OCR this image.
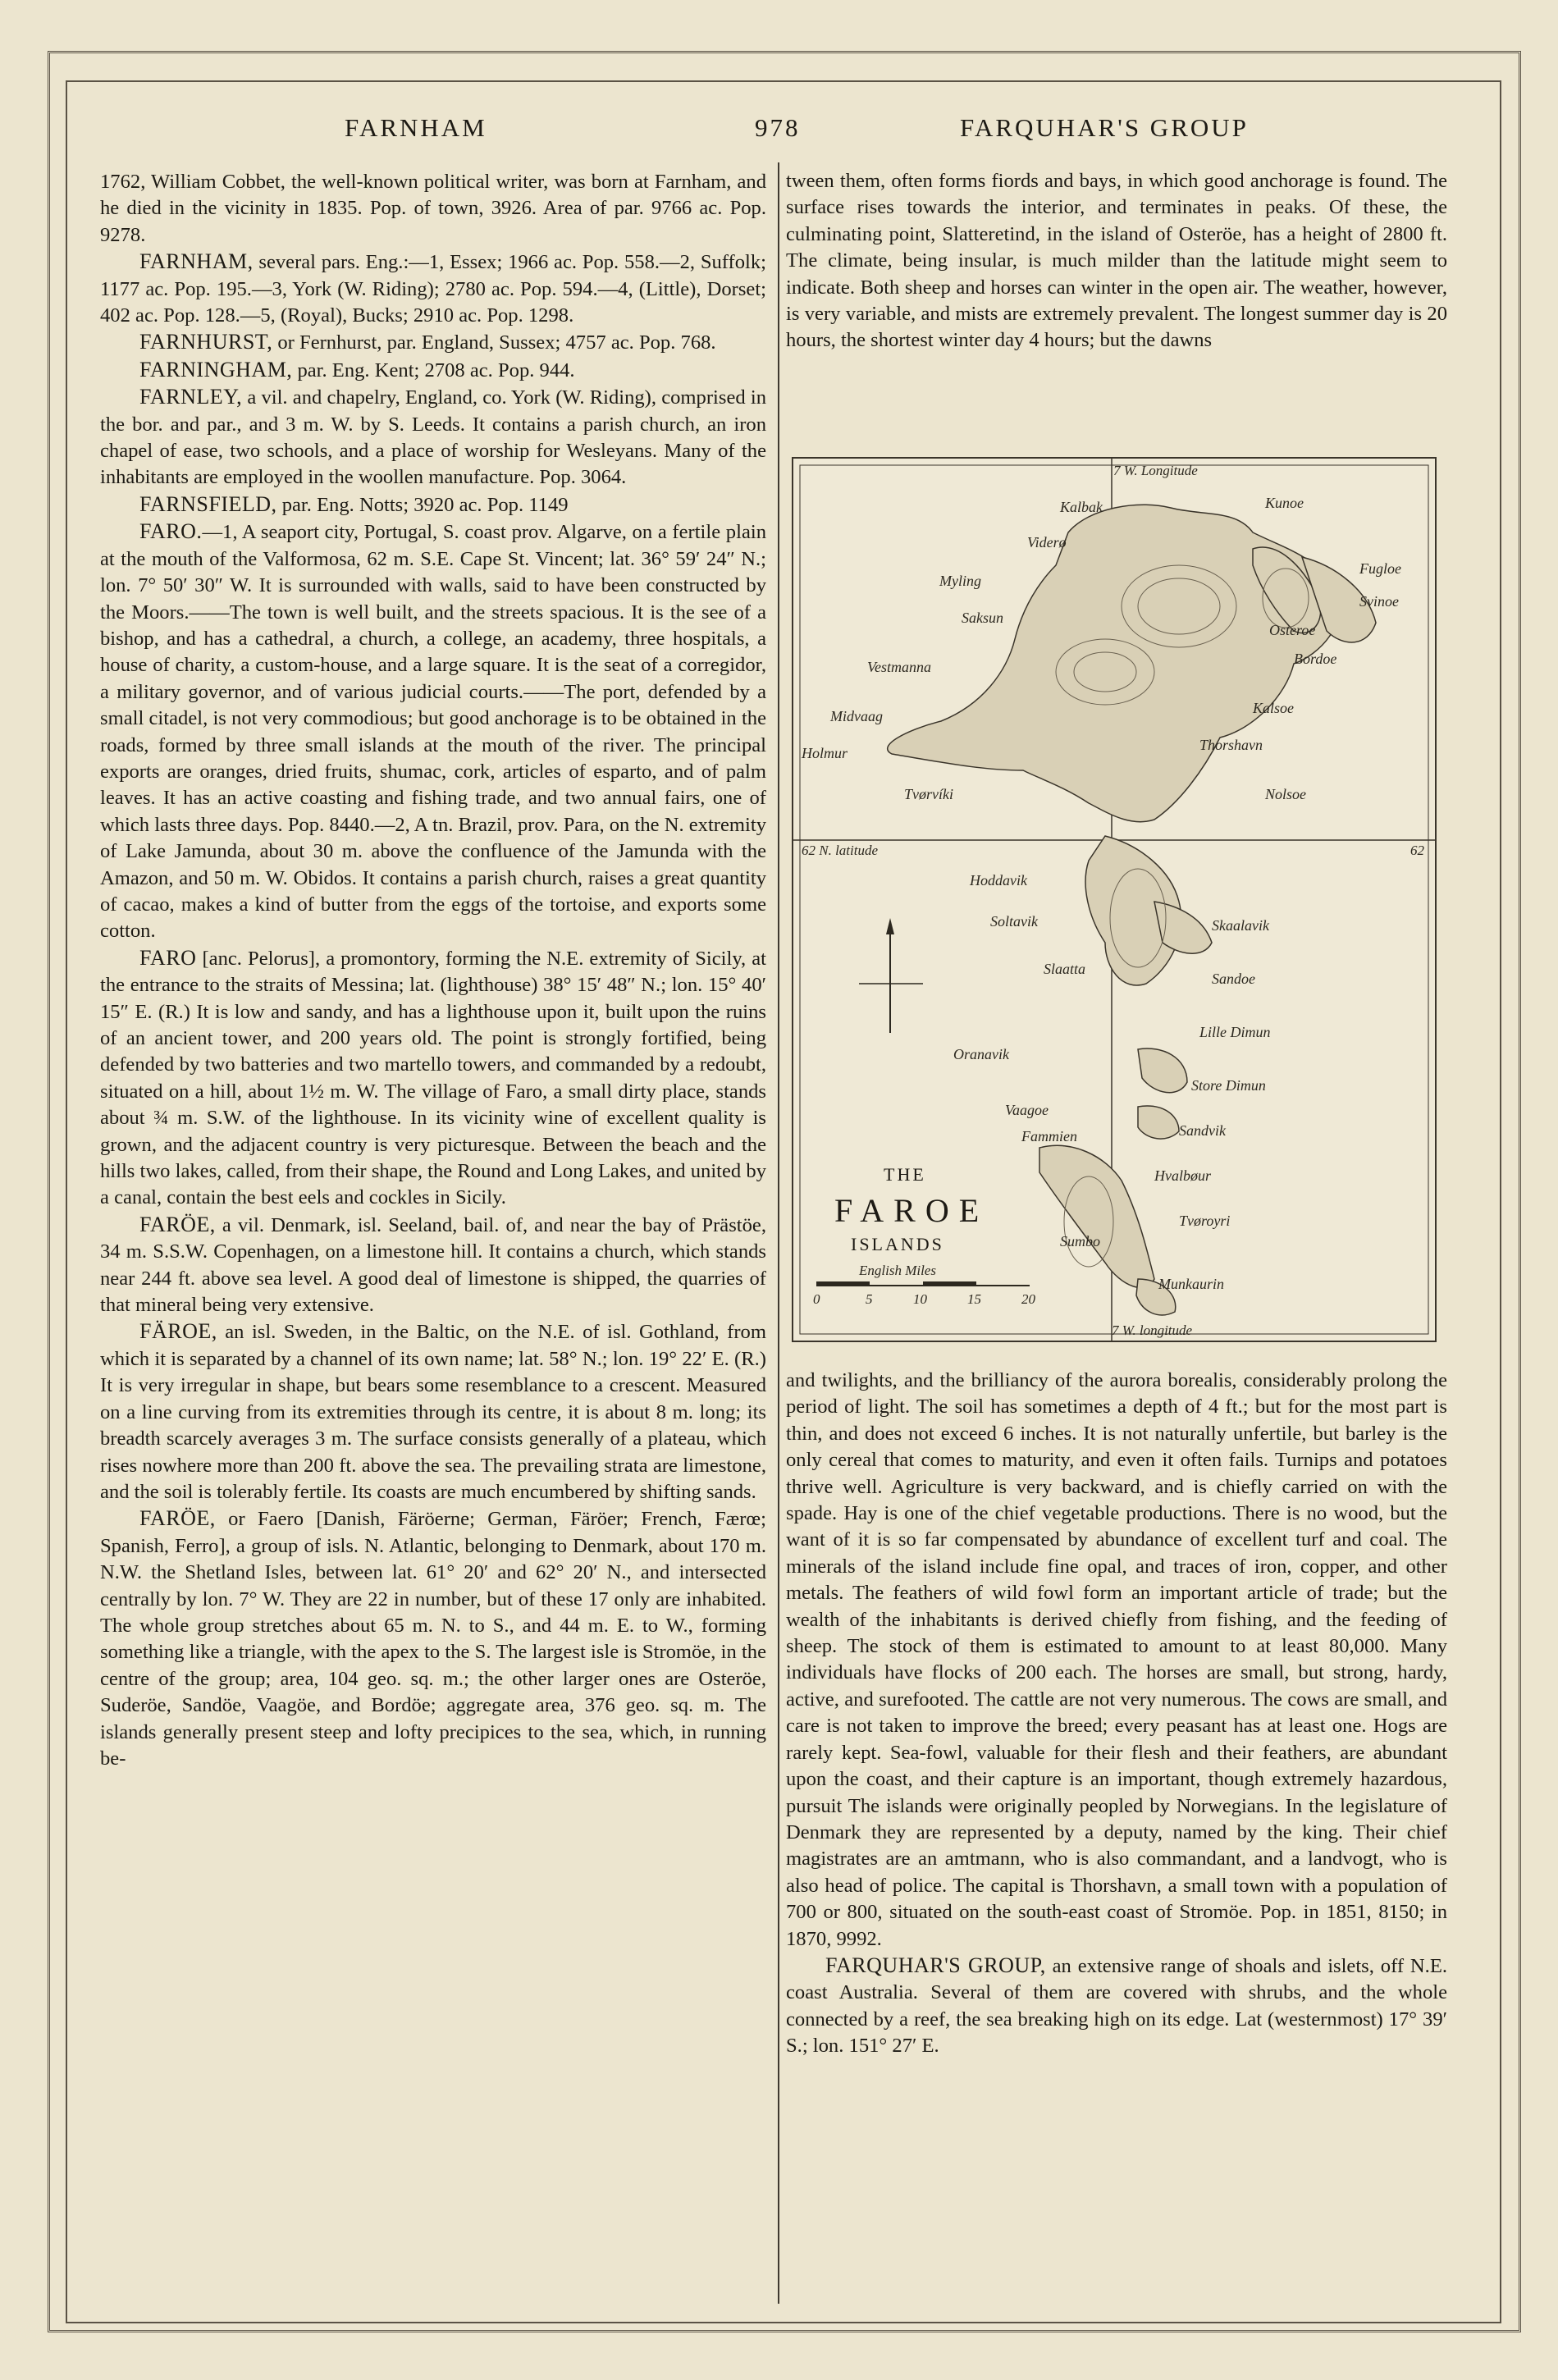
FARNHAM	978	FARQUHAR'S GROUP

1762, William Cobbet, the well-known political writer, was born at Farnham, and he died in the vicinity in 1835. Pop. of town, 3926. Area of par. 9766 ac. Pop. 9278.

FARNHAM, several pars. Eng.:—1, Essex; 1966 ac. Pop. 558.—2, Suffolk; 1177 ac. Pop. 195.—3, York (W. Riding); 2780 ac. Pop. 594.—4, (Little), Dorset; 402 ac. Pop. 128.—5, (Royal), Bucks; 2910 ac. Pop. 1298.

FARNHURST, or Fernhurst, par. England, Sussex; 4757 ac. Pop. 768.

FARNINGHAM, par. Eng. Kent; 2708 ac. Pop. 944.

FARNLEY, a vil. and chapelry, England, co. York (W. Riding), comprised in the bor. and par., and 3 m. W. by S. Leeds. It contains a parish church, an iron chapel of ease, two schools, and a place of worship for Wesleyans. Many of the inhabitants are employed in the woollen manufacture. Pop. 3064.

FARNSFIELD, par. Eng. Notts; 3920 ac. Pop. 1149

FARO.—1, A seaport city, Portugal, S. coast prov. Algarve, on a fertile plain at the mouth of the Valformosa, 62 m. S.E. Cape St. Vincent; lat. 36° 59′ 24″ N.; lon. 7° 50′ 30″ W. It is surrounded with walls, said to have been constructed by the Moors.——The town is well built, and the streets spacious. It is the see of a bishop, and has a cathedral, a church, a college, an academy, three hospitals, a house of charity, a custom-house, and a large square. It is the seat of a corregidor, a military governor, and of various judicial courts.——The port, defended by a small citadel, is not very commodious; but good anchorage is to be obtained in the roads, formed by three small islands at the mouth of the river. The principal exports are oranges, dried fruits, shumac, cork, articles of esparto, and of palm leaves. It has an active coasting and fishing trade, and two annual fairs, one of which lasts three days. Pop. 8440.—2, A tn. Brazil, prov. Para, on the N. extremity of Lake Jamunda, about 30 m. above the confluence of the Jamunda with the Amazon, and 50 m. W. Obidos. It contains a parish church, raises a great quantity of cacao, makes a kind of butter from the eggs of the tortoise, and exports some cotton.

FARO [anc. Pelorus], a promontory, forming the N.E. extremity of Sicily, at the entrance to the straits of Messina; lat. (lighthouse) 38° 15′ 48″ N.; lon. 15° 40′ 15″ E. (R.) It is low and sandy, and has a lighthouse upon it, built upon the ruins of an ancient tower, and 200 years old. The point is strongly fortified, being defended by two batteries and two martello towers, and commanded by a redoubt, situated on a hill, about 1½ m. W. The village of Faro, a small dirty place, stands about ¾ m. S.W. of the lighthouse. In its vicinity wine of excellent quality is grown, and the adjacent country is very picturesque. Between the beach and the hills two lakes, called, from their shape, the Round and Long Lakes, and united by a canal, contain the best eels and cockles in Sicily.

FARÖE, a vil. Denmark, isl. Seeland, bail. of, and near the bay of Prästöe, 34 m. S.S.W. Copenhagen, on a limestone hill. It contains a church, which stands near 244 ft. above sea level. A good deal of limestone is shipped, the quarries of that mineral being very extensive.

FÄROE, an isl. Sweden, in the Baltic, on the N.E. of isl. Gothland, from which it is separated by a channel of its own name; lat. 58° N.; lon. 19° 22′ E. (R.) It is very irregular in shape, but bears some resemblance to a crescent. Measured on a line curving from its extremities through its centre, it is about 8 m. long; its breadth scarcely averages 3 m. The surface consists generally of a plateau, which rises nowhere more than 200 ft. above the sea. The prevailing strata are limestone, and the soil is tolerably fertile. Its coasts are much encumbered by shifting sands.

FARÖE, or Faero [Danish, Färöerne; German, Färöer; French, Færœ; Spanish, Ferro], a group of isls. N. Atlantic, belonging to Denmark, about 170 m. N.W. the Shetland Isles, between lat. 61° 20′ and 62° 20′ N., and intersected centrally by lon. 7° W. They are 22 in number, but of these 17 only are inhabited. The whole group stretches about 65 m. N. to S., and 44 m. E. to W., forming something like a triangle, with the apex to the S. The largest isle is Stromöe, in the centre of the group; area, 104 geo. sq. m.; the other larger ones are Osteröe, Suderöe, Sandöe, Vaagöe, and Bordöe; aggregate area, 376 geo. sq. m. The islands generally present steep and lofty precipices to the sea, which, in running be-

tween them, often forms fiords and bays, in which good anchorage is found. The surface rises towards the interior, and terminates in peaks. Of these, the culminating point, Slatteretind, in the island of Osteröe, has a height of 2800 ft. The climate, being insular, is much milder than the latitude might seem to indicate. Both sheep and horses can winter in the open air. The weather, however, is very variable, and mists are extremely prevalent. The longest summer day is 20 hours, the shortest winter day 4 hours; but the dawns

7 W. Longitude
7 W. longitude
62 N. latitude	62
Kalbak
Fugloe
Svinoe
Kunoe
Viderø
Bordoe
Osteroe
Myling
Saksun
Vestmanna
Midvaag
Holmur
Tvørvíki
Kalsoe
Thorshavn
Hoddavik
Soltavik	Skaalavik
Sandoe
Lille Dimun
Store Dimun
Oranavik
Sandvik
Fammien
Hvalbøur
Vaagoe
Sumbo
Munkaurin
Nolsoe
Tvøroyri
Slaatta
THE
FAROE
ISLANDS
English Miles
0	5	10	15	20

and twilights, and the brilliancy of the aurora borealis, considerably prolong the period of light. The soil has sometimes a depth of 4 ft.; but for the most part is thin, and does not exceed 6 inches. It is not naturally unfertile, but barley is the only cereal that comes to maturity, and even it often fails. Turnips and potatoes thrive well. Agriculture is very backward, and is chiefly carried on with the spade. Hay is one of the chief vegetable productions. There is no wood, but the want of it is so far compensated by abundance of excellent turf and coal. The minerals of the island include fine opal, and traces of iron, copper, and other metals. The feathers of wild fowl form an important article of trade; but the wealth of the inhabitants is derived chiefly from fishing, and the feeding of sheep. The stock of them is estimated to amount to at least 80,000. Many individuals have flocks of 200 each. The horses are small, but strong, hardy, active, and surefooted. The cattle are not very numerous. The cows are small, and care is not taken to improve the breed; every peasant has at least one. Hogs are rarely kept. Sea-fowl, valuable for their flesh and their feathers, are abundant upon the coast, and their capture is an important, though extremely hazardous, pursuit The islands were originally peopled by Norwegians. In the legislature of Denmark they are represented by a deputy, named by the king. Their chief magistrates are an amtmann, who is also commandant, and a landvogt, who is also head of police. The capital is Thorshavn, a small town with a population of 700 or 800, situated on the south-east coast of Stromöe. Pop. in 1851, 8150; in 1870, 9992.

FARQUHAR'S GROUP, an extensive range of shoals and islets, off N.E. coast Australia. Several of them are covered with shrubs, and the whole connected by a reef, the sea breaking high on its edge. Lat (westernmost) 17° 39′ S.; lon. 151° 27′ E.
